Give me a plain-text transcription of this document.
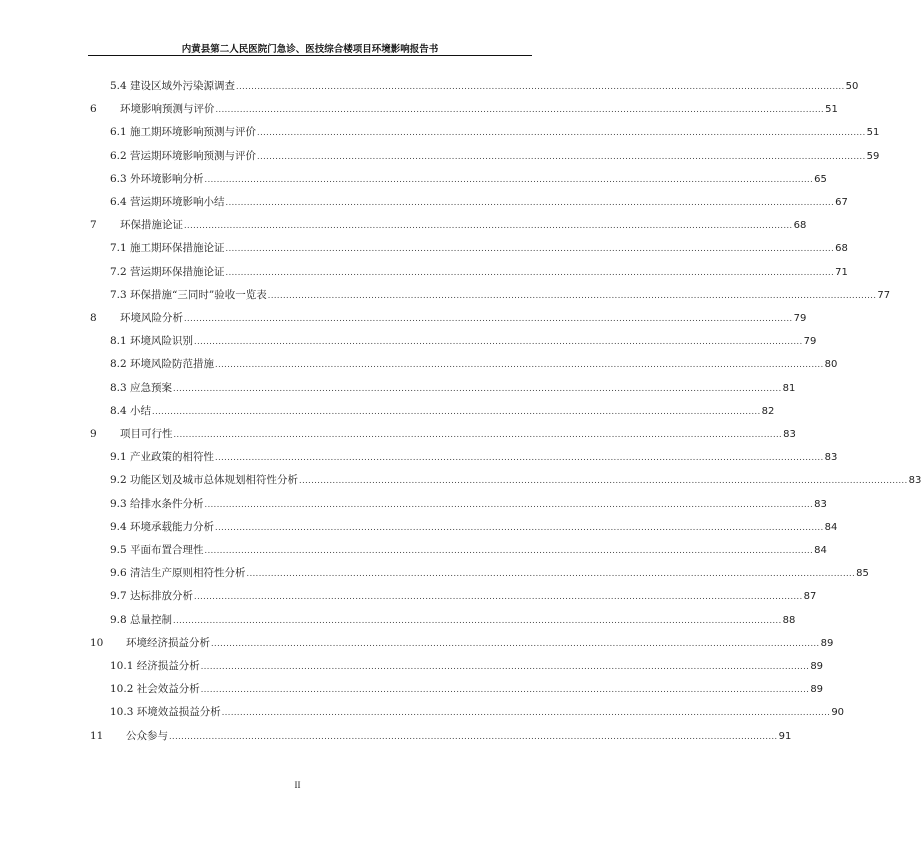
内黄县第二人民医院门急诊、医技综合楼项目环境影响报告书
5.4 建设区域外污染源调查 ........................................................................................................................................................................................................ 50
6 环境影响预测与评价 ........................................................................................................................................................................................................ 51
6.1 施工期环境影响预测与评价 ........................................................................................................................................................................................................ 51
6.2 营运期环境影响预测与评价 ........................................................................................................................................................................................................ 59
6.3 外环境影响分析 ........................................................................................................................................................................................................ 65
6.4 营运期环境影响小结 ........................................................................................................................................................................................................ 67
7 环保措施论证 ........................................................................................................................................................................................................ 68
7.1 施工期环保措施论证 ........................................................................................................................................................................................................ 68
7.2 营运期环保措施论证 ........................................................................................................................................................................................................ 71
7.3 环保措施“三同时”验收一览表 ........................................................................................................................................................................................................ 77
8 环境风险分析 ........................................................................................................................................................................................................ 79
8.1 环境风险识别 ........................................................................................................................................................................................................ 79
8.2 环境风险防范措施 ........................................................................................................................................................................................................ 80
8.3 应急预案 ........................................................................................................................................................................................................ 81
8.4 小结 ........................................................................................................................................................................................................ 82
9 项目可行性 ........................................................................................................................................................................................................ 83
9.1 产业政策的相符性 ........................................................................................................................................................................................................ 83
9.2 功能区划及城市总体规划相符性分析 ........................................................................................................................................................................................................ 83
9.3 给排水条件分析 ........................................................................................................................................................................................................ 83
9.4 环境承载能力分析 ........................................................................................................................................................................................................ 84
9.5 平面布置合理性 ........................................................................................................................................................................................................ 84
9.6 清洁生产原则相符性分析 ........................................................................................................................................................................................................ 85
9.7 达标排放分析 ........................................................................................................................................................................................................ 87
9.8 总量控制 ........................................................................................................................................................................................................ 88
10 环境经济损益分析 ........................................................................................................................................................................................................ 89
10.1 经济损益分析 ........................................................................................................................................................................................................ 89
10.2 社会效益分析 ........................................................................................................................................................................................................ 89
10.3 环境效益损益分析 ........................................................................................................................................................................................................ 90
11 公众参与 ........................................................................................................................................................................................................ 91
II
